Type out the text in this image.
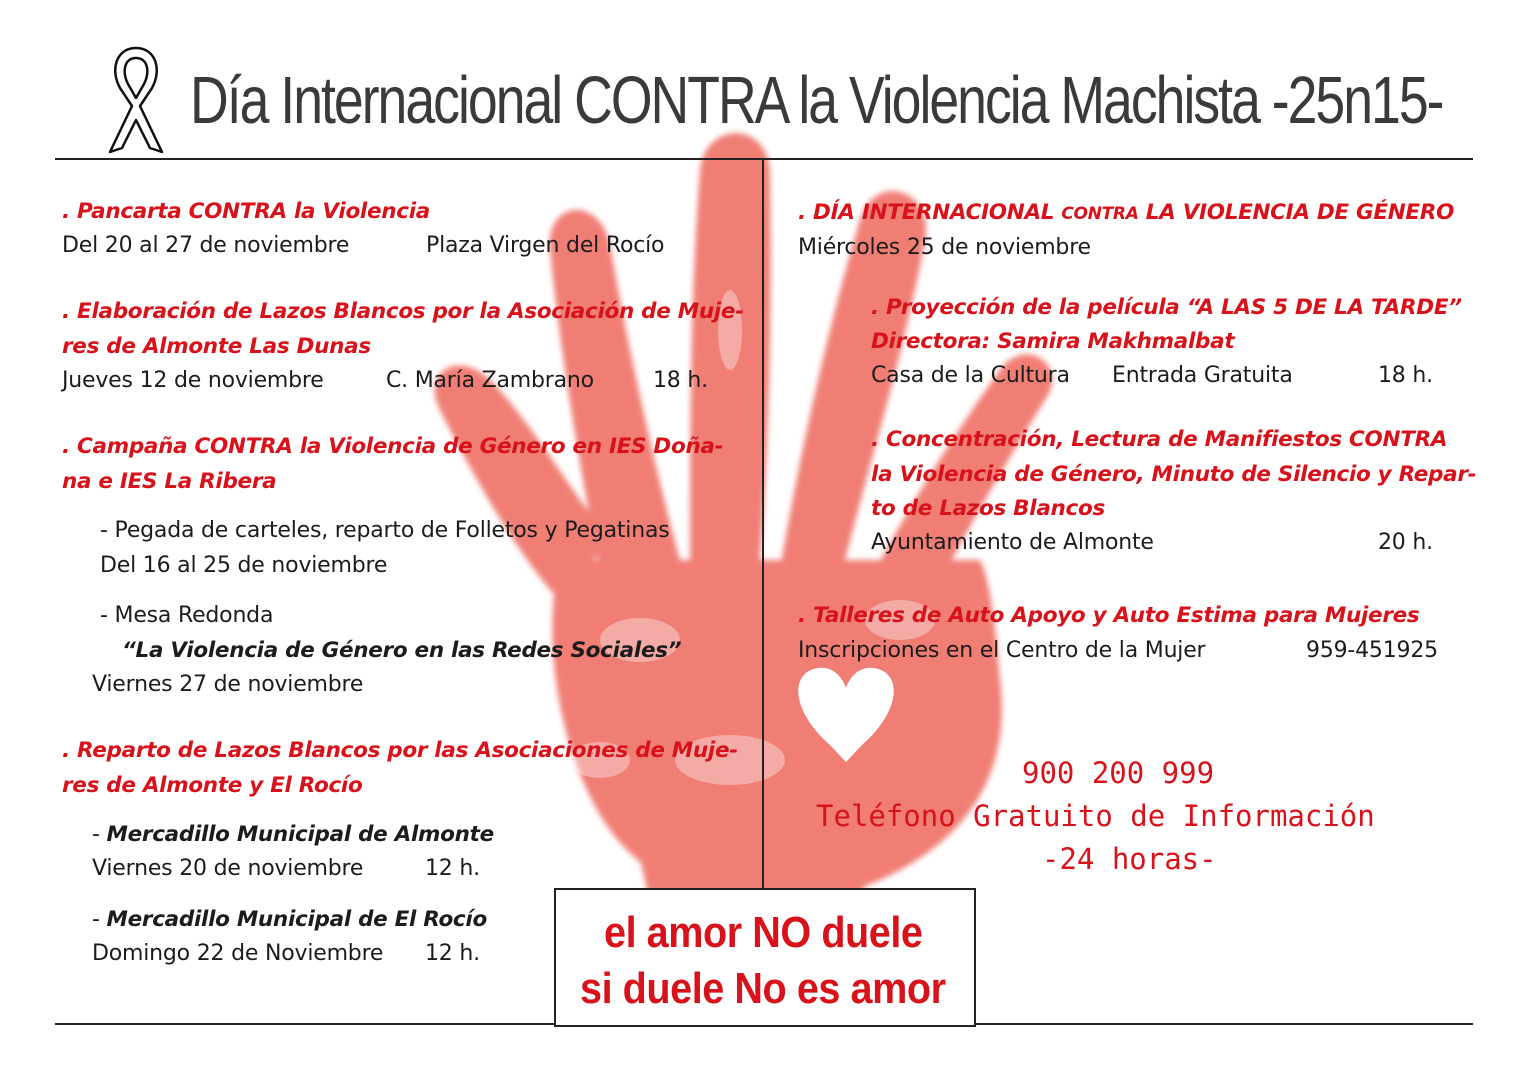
Día Internacional CONTRA la Violencia Machista -25n15-
. Pancarta CONTRA la Violencia
Del 20 al 27 de noviembre	Plaza Virgen del Rocío
. Elaboración de Lazos Blancos por la Asociación de Muje-
res de Almonte Las Dunas
Jueves 12 de noviembre	C. María Zambrano	18 h.
. Campaña CONTRA la Violencia de Género en IES Doña-
na e IES La Ribera
- Pegada de carteles, reparto de Folletos y Pegatinas
Del 16 al 25 de noviembre
- Mesa Redonda
“La Violencia de Género en las Redes Sociales”
Viernes 27 de noviembre
. Reparto de Lazos Blancos por las Asociaciones de Muje-
res de Almonte y El Rocío
- Mercadillo Municipal de Almonte
Viernes 20 de noviembre	12 h.
- Mercadillo Municipal de El Rocío
Domingo 22 de Noviembre 12 h.
. DÍA INTERNACIONAL CONTRA LA VIOLENCIA DE GÉNERO
Miércoles 25 de noviembre
. Proyección de la película “A LAS 5 DE LA TARDE”
Directora: Samira Makhmalbat
Casa de la Cultura Entrada Gratuita	18 h.
. Concentración, Lectura de Manifiestos CONTRA
la Violencia de Género, Minuto de Silencio y Repar-
to de Lazos Blancos
Ayuntamiento de Almonte	20 h.
. Talleres de Auto Apoyo y Auto Estima para Mujeres
Inscripciones en el Centro de la Mujer	959-451925
900 200 999
Teléfono Gratuito de Información
-24 horas-
el amor NO duele
si duele No es amor
